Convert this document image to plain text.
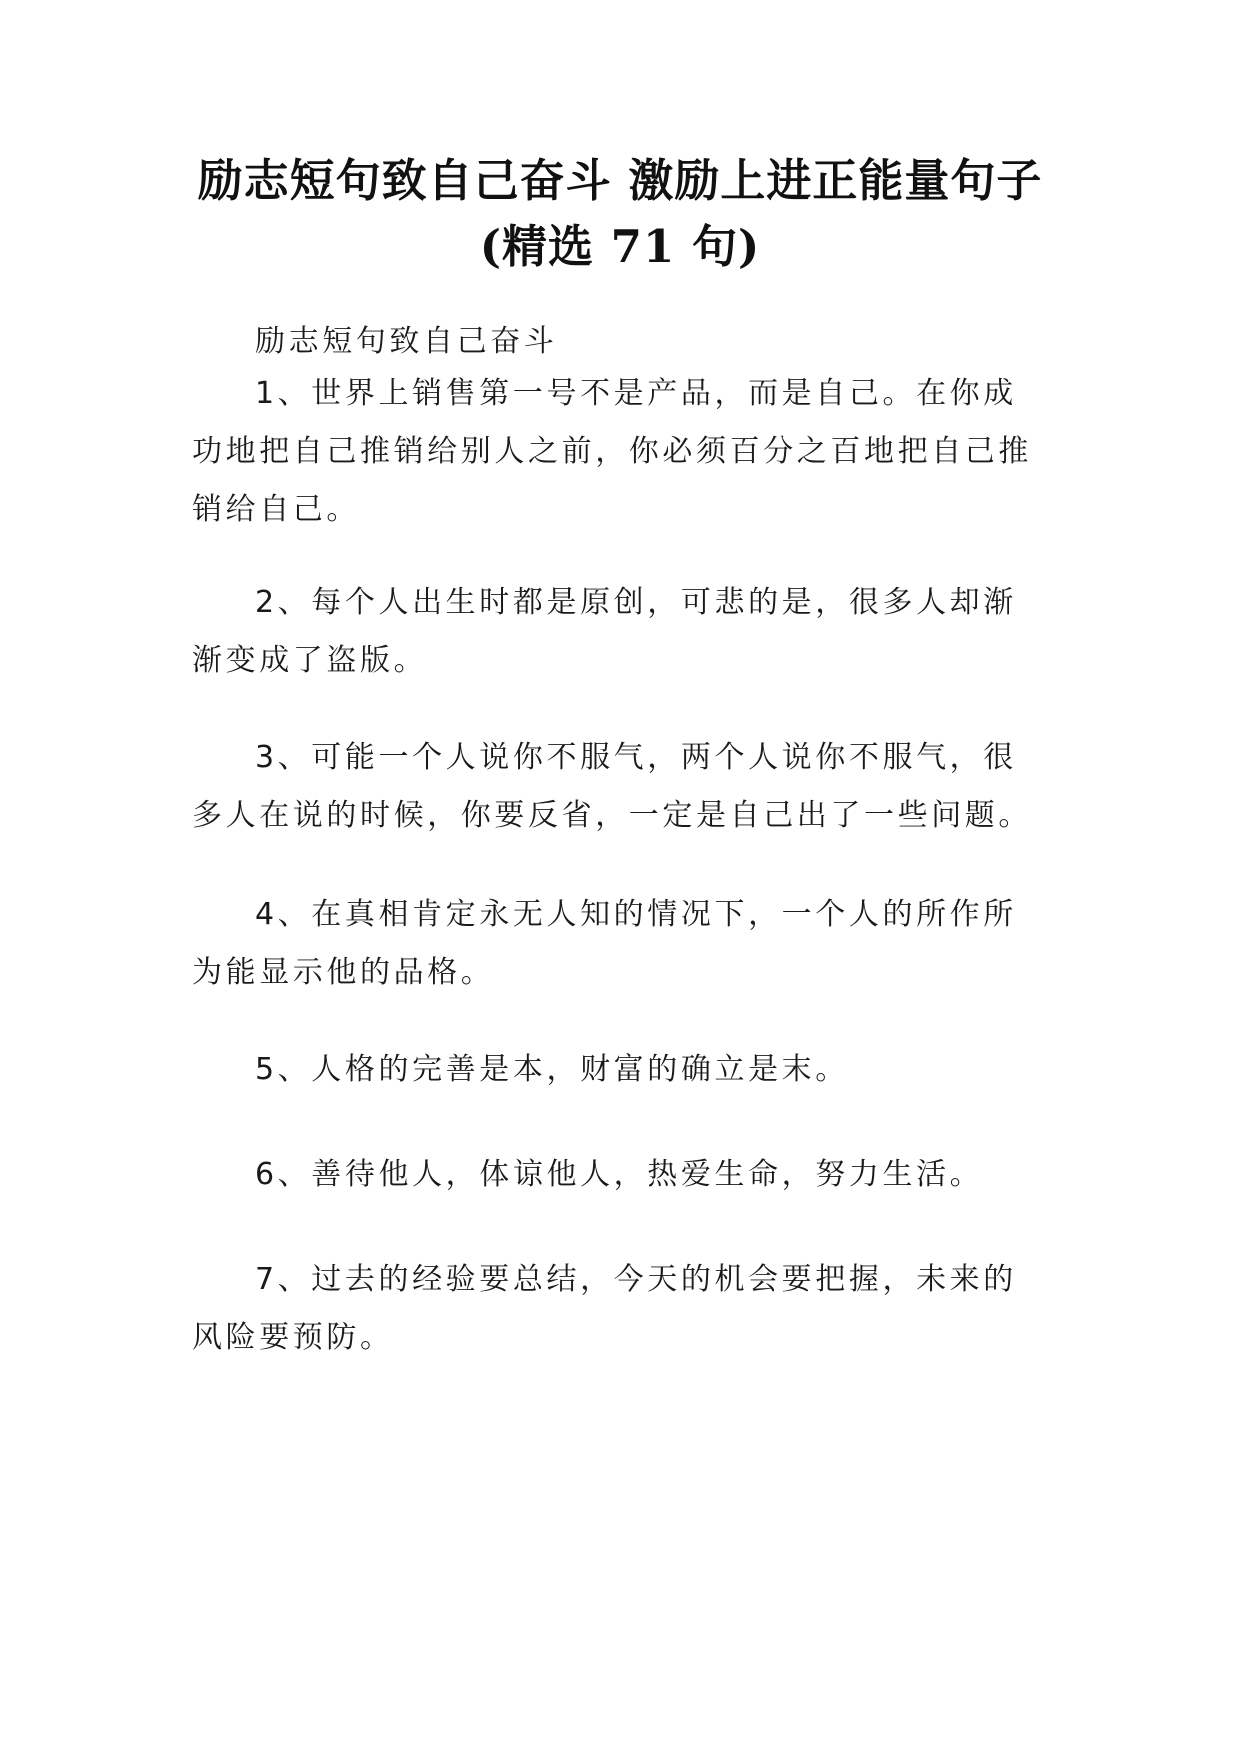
励志短句致自己奋斗 激励上进正能量句子
(精选 71 句)

励志短句致自己奋斗

1、世界上销售第一号不是产品，而是自己。在你成功地把自己推销给别人之前，你必须百分之百地把自己推销给自己。

2、每个人出生时都是原创，可悲的是，很多人却渐渐变成了盗版。

3、可能一个人说你不服气，两个人说你不服气，很多人在说的时候，你要反省，一定是自己出了一些问题。

4、在真相肯定永无人知的情况下，一个人的所作所为能显示他的品格。

5、人格的完善是本，财富的确立是末。

6、善待他人，体谅他人，热爱生命，努力生活。

7、过去的经验要总结，今天的机会要把握，未来的风险要预防。
